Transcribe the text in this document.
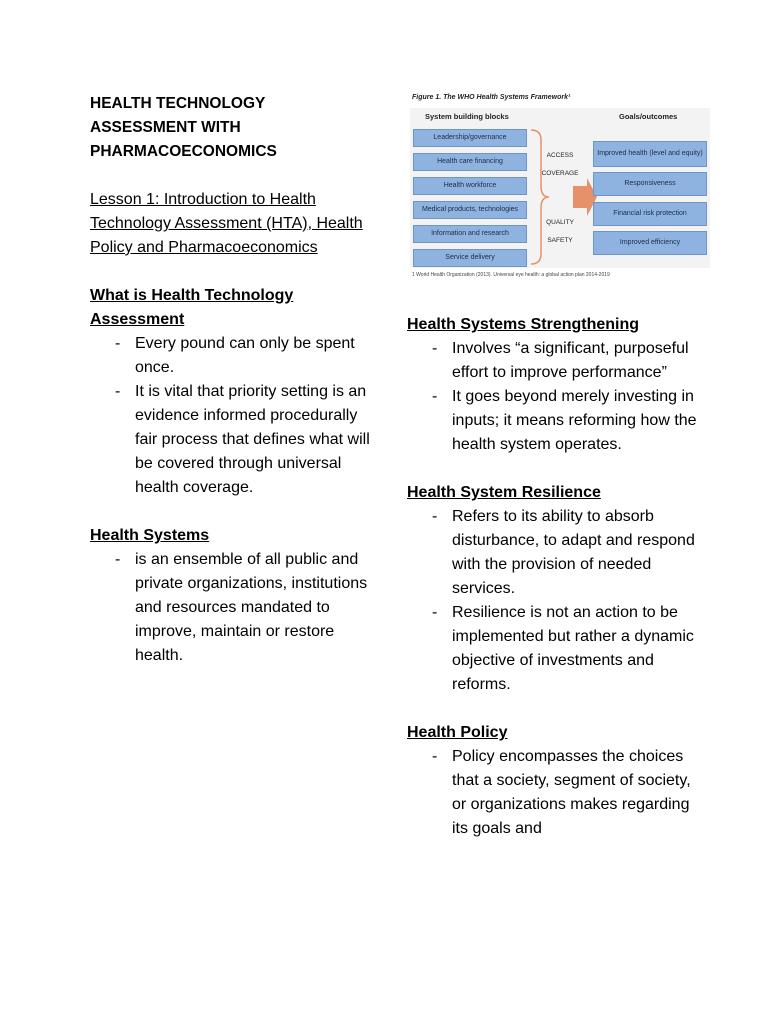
HEALTH TECHNOLOGY

ASSESSMENT WITH

PHARMACOECONOMICS

Lesson 1: Introduction to Health Technology Assessment (HTA), Health Policy and Pharmacoeconomics

What is Health Technology Assessment

- Every pound can only be spent once.
- It is vital that priority setting is an evidence informed procedurally fair process that defines what will be covered through universal health coverage.

Health Systems

- is an ensemble of all public and private organizations, institutions and resources mandated to improve, maintain or restore health.
Figure 1. The WHO Health Systems Framework¹
System building blocks	Goals/outcomes
Leadership/governance
Health care financing
Health workforce
Medical products, technologies
Information and research
Service delivery
ACCESS
COVERAGE
QUALITY
SAFETY
Improved health (level and equity)
Responsiveness
Financial risk protection
Improved efficiency
1 World Health Organization (2013). Universal eye health: a global action plan 2014-2019

Health Systems Strengthening

- Involves “a significant, purposeful effort to improve performance”
- It goes beyond merely investing in inputs; it means reforming how the health system operates.

Health System Resilience

- Refers to its ability to absorb disturbance, to adapt and respond with the provision of needed services.
- Resilience is not an action to be implemented but rather a dynamic objective of investments and reforms.

Health Policy

- Policy encompasses the choices that a society, segment of society, or organizations makes regarding its goals and
